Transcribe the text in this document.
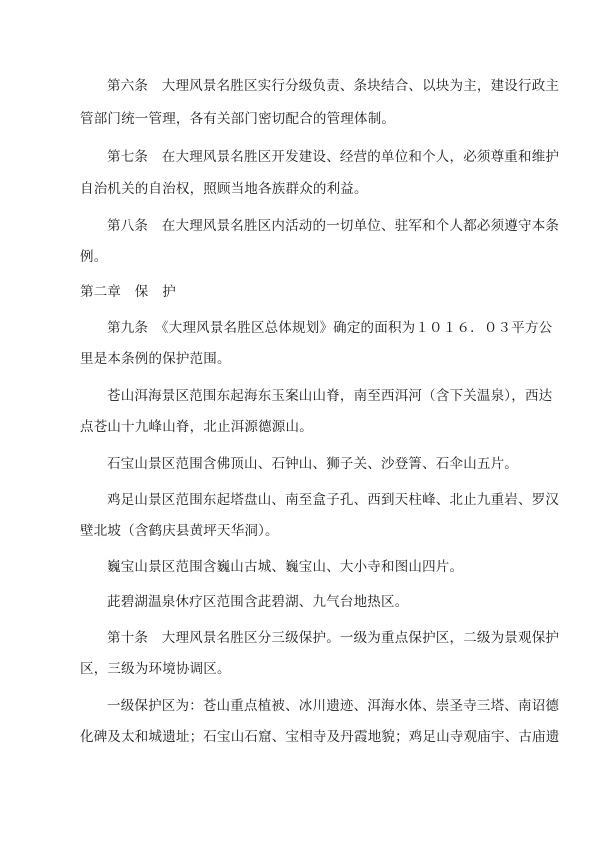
第六条　大理风景名胜区实行分级负责、条块结合、以块为主，建设行政主
管部门统一管理，各有关部门密切配合的管理体制。
第七条　在大理风景名胜区开发建设、经营的单位和个人，必须尊重和维护
自治机关的自治权，照顾当地各族群众的利益。
第八条　在大理风景名胜区内活动的一切单位、驻军和个人都必须遵守本条
例。
第二章　保　护
第九条　《大理风景名胜区总体规划》确定的面积为１０１６．０３平方公
里是本条例的保护范围。
苍山洱海景区范围东起海东玉案山山脊，南至西洱河（含下关温泉），西达
点苍山十九峰山脊，北止洱源德源山。
石宝山景区范围含佛顶山、石钟山、狮子关、沙登箐、石伞山五片。
鸡足山景区范围东起塔盘山、南至盒子孔、西到天柱峰、北止九重岩、罗汉
壁北坡（含鹤庆县黄坪天华洞）。
巍宝山景区范围含巍山古城、巍宝山、大小寺和图山四片。
茈碧湖温泉休疗区范围含茈碧湖、九气台地热区。
第十条　大理风景名胜区分三级保护。一级为重点保护区，二级为景观保护
区，三级为环境协调区。
一级保护区为：苍山重点植被、冰川遗迹、洱海水体、崇圣寺三塔、南诏德
化碑及太和城遗址；石宝山石窟、宝相寺及丹霞地貌；鸡足山寺观庙宇、古庙遗
